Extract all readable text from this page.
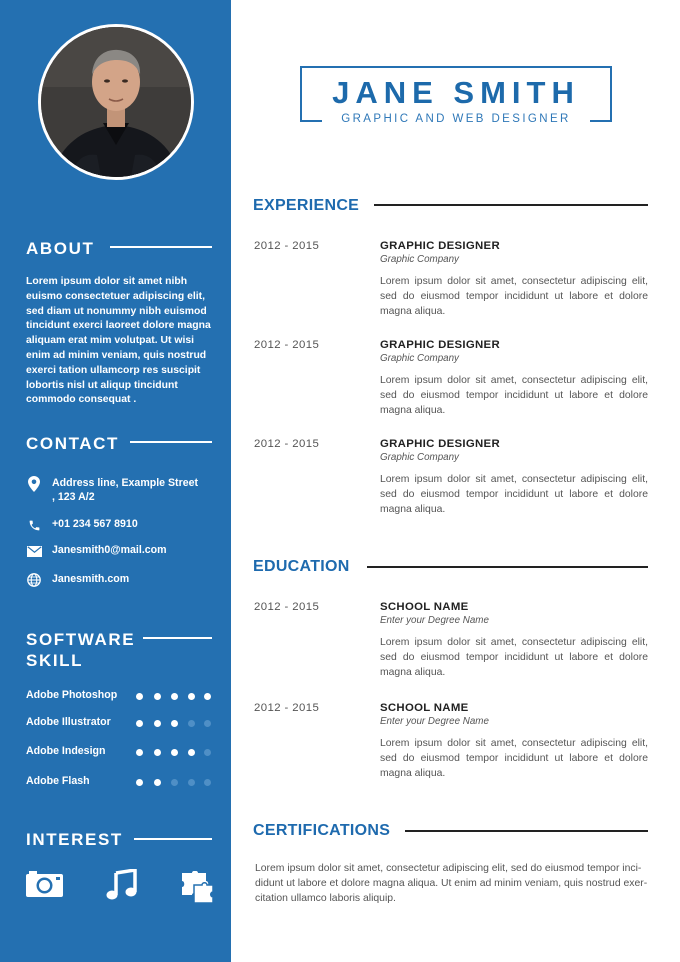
ABOUT
Lorem ipsum dolor sit amet nibh euismo consectetuer adipiscing elit, sed diam ut nonummy nibh euismod tincidunt exerci laoreet dolore magna aliquam erat mim volutpat. Ut wisi enim ad minim veniam, quis nostrud exerci tation ullamcorp res suscipit lobortis nisl ut aliqup tincidunt commodo consequat .
CONTACT
Address line, Example Street , 123 A/2
+01 234 567 8910
Janesmith0@mail.com
Janesmith.com
SOFTWARE
SKILL
Adobe Photoshop
Adobe Illustrator
Adobe Indesign
Adobe Flash
INTEREST
JANE SMITH
GRAPHIC AND WEB DESIGNER
EXPERIENCE
2012 - 2015	GRAPHIC DESIGNER
Graphic Company
Lorem ipsum dolor sit amet, consectetur adipiscing elit, sed do eiusmod tempor incididunt ut labore et dolore magna aliqua.
2012 - 2015	GRAPHIC DESIGNER
Graphic Company
Lorem ipsum dolor sit amet, consectetur adipiscing elit, sed do eiusmod tempor incididunt ut labore et dolore magna aliqua.
2012 - 2015	GRAPHIC DESIGNER
Graphic Company
Lorem ipsum dolor sit amet, consectetur adipiscing elit, sed do eiusmod tempor incididunt ut labore et dolore magna aliqua.
EDUCATION
2012 - 2015	SCHOOL NAME
Enter your Degree Name
Lorem ipsum dolor sit amet, consectetur adipiscing elit, sed do eiusmod tempor incididunt ut labore et dolore magna aliqua.
2012 - 2015	SCHOOL NAME
Enter your Degree Name
Lorem ipsum dolor sit amet, consectetur adipiscing elit, sed do eiusmod tempor incididunt ut labore et dolore magna aliqua.
CERTIFICATIONS
Lorem ipsum dolor sit amet, consectetur adipiscing elit, sed do eiusmod tempor inci-didunt ut labore et dolore magna aliqua. Ut enim ad minim veniam, quis nostrud exer-citation ullamco laboris aliquip.
